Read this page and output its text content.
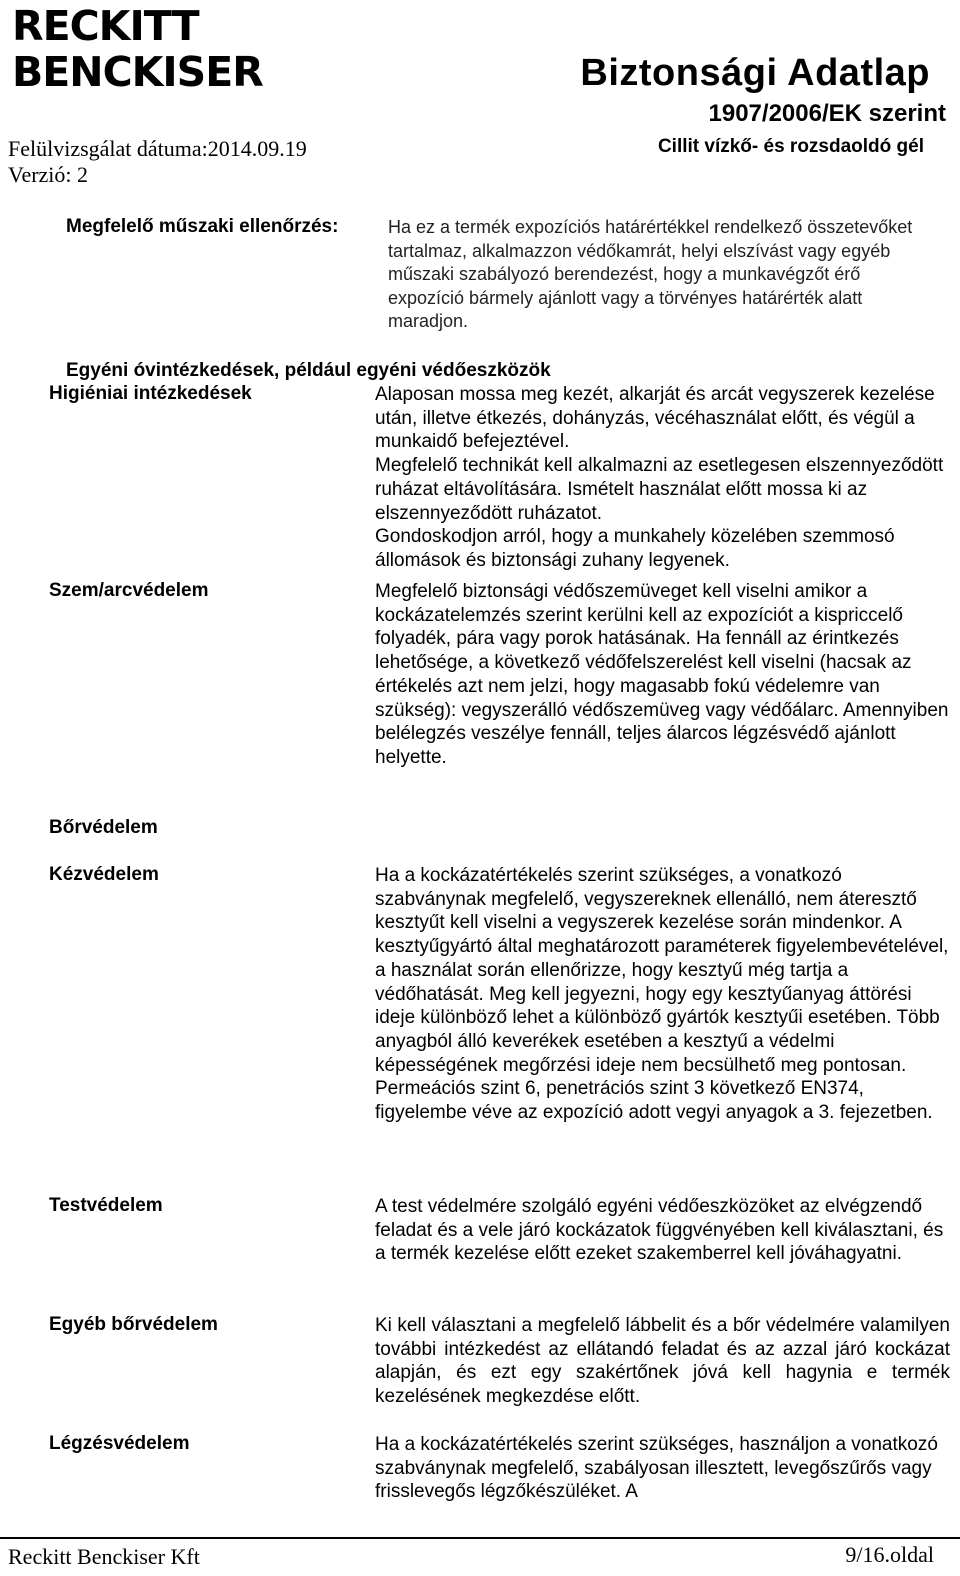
RECKITT
BENCKISER	Biztonsági Adatlap
1907/2006/EK szerint
Cillit vízkő- és rozsdaoldó gél
Felülvizsgálat dátuma:2014.09.19
Verzió: 2
Megfelelő műszaki ellenőrzés:	Ha ez a termék expozíciós határértékkel rendelkező összetevőket tartalmaz, alkalmazzon védőkamrát, helyi elszívást vagy egyéb műszaki szabályozó berendezést, hogy a munkavégzőt érő expozíció bármely ajánlott vagy a törvényes határérték alatt maradjon.
Egyéni óvintézkedések, például egyéni védőeszközök
Higiéniai intézkedések	Alaposan mossa meg kezét, alkarját és arcát vegyszerek kezelése után, illetve étkezés, dohányzás, vécéhasználat előtt, és végül a munkaidő befejeztével.

Megfelelő technikát kell alkalmazni az esetlegesen elszennyeződött ruházat eltávolítására. Ismételt használat előtt mossa ki az elszennyeződött ruházatot.

Gondoskodjon arról, hogy a munkahely közelében szemmosó állomások és biztonsági zuhany legyenek.

Szem/arcvédelem	Megfelelő biztonsági védőszemüveget kell viselni amikor a kockázatelemzés szerint kerülni kell az expozíciót a kispriccelő folyadék, pára vagy porok hatásának. Ha fennáll az érintkezés lehetősége, a következő védőfelszerelést kell viselni (hacsak az értékelés azt nem jelzi, hogy magasabb fokú védelemre van szükség): vegyszerálló védőszemüveg vagy védőálarc. Amennyiben belélegzés veszélye fennáll, teljes álarcos légzésvédő ajánlott helyette.
Bőrvédelem
Kézvédelem	Ha a kockázatértékelés szerint szükséges, a vonatkozó szabványnak megfelelő, vegyszereknek ellenálló, nem áteresztő kesztyűt kell viselni a vegyszerek kezelése során mindenkor. A kesztyűgyártó által meghatározott paraméterek figyelembevételével, a használat során ellenőrizze, hogy kesztyű még tartja a védőhatását. Meg kell jegyezni, hogy egy kesztyűanyag áttörési ideje különböző lehet a különböző gyártók kesztyűi esetében. Több anyagból álló keverékek esetében a kesztyű a védelmi képességének megőrzési ideje nem becsülhető meg pontosan. Permeációs szint 6, penetrációs szint 3 következő EN374, figyelembe véve az expozíció adott vegyi anyagok a 3. fejezetben.
Testvédelem	A test védelmére szolgáló egyéni védőeszközöket az elvégzendő feladat és a vele járó kockázatok függvényében kell kiválasztani, és a termék kezelése előtt ezeket szakemberrel kell jóváhagyatni.
Egyéb bőrvédelem	Ki kell választani a megfelelő lábbelit és a bőr védelmére valamilyen további intézkedést az ellátandó feladat és az azzal járó kockázat alapján, és ezt egy szakértőnek jóvá kell hagynia e termék kezelésének megkezdése előtt.
Légzésvédelem	Ha a kockázatértékelés szerint szükséges, használjon a vonatkozó szabványnak megfelelő, szabályosan illesztett, levegőszűrős vagy frisslevegős légzőkészüléket. A
Reckitt Benckiser Kft	9/16.oldal
